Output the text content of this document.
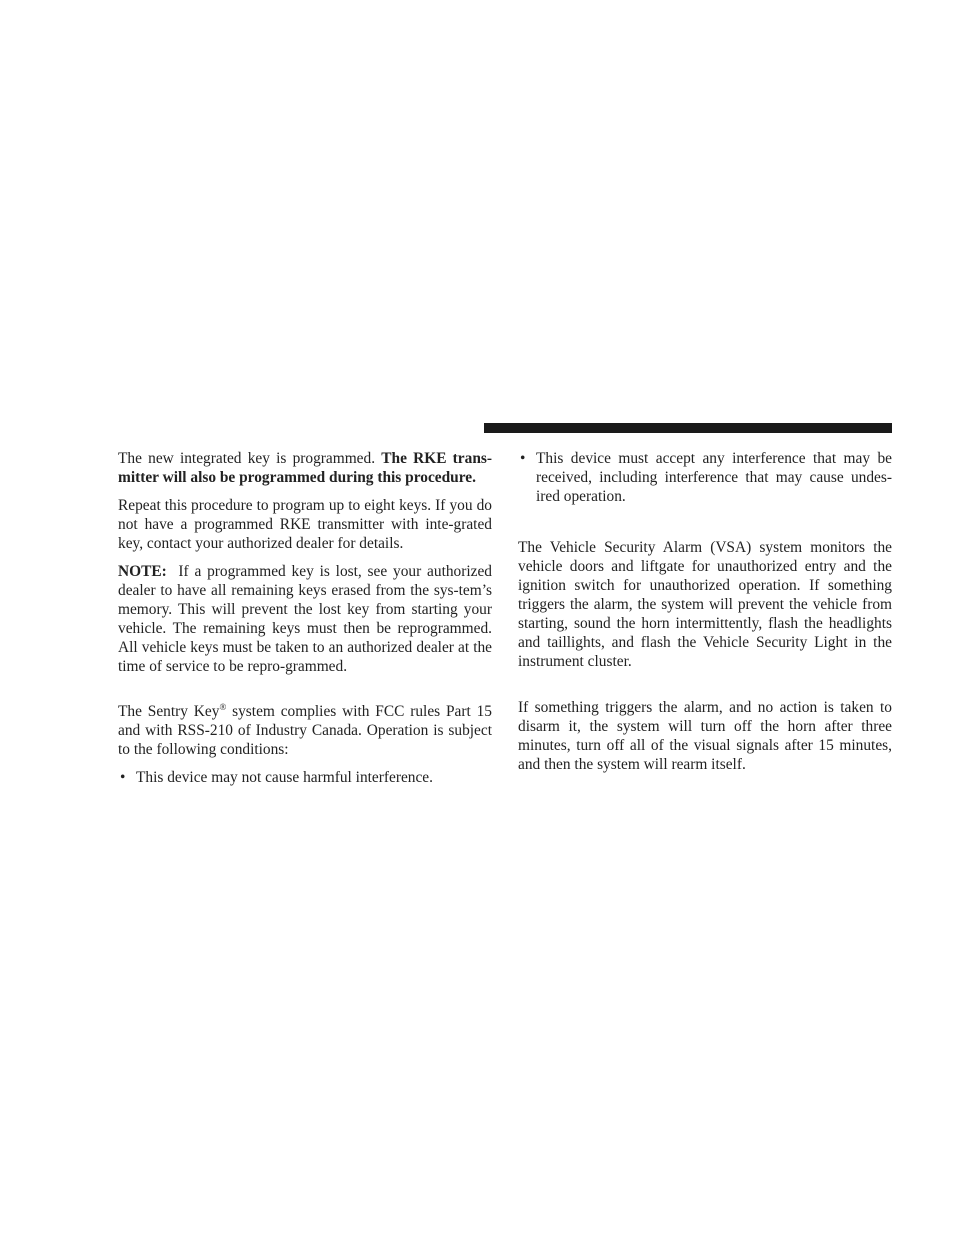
The new integrated key is programmed. The RKE trans-mitter will also be programmed during this procedure.

Repeat this procedure to program up to eight keys. If you do not have a programmed RKE transmitter with inte-grated key, contact your authorized dealer for details.

NOTE: If a programmed key is lost, see your authorized dealer to have all remaining keys erased from the sys-tem’s memory. This will prevent the lost key from starting your vehicle. The remaining keys must then be reprogrammed. All vehicle keys must be taken to an authorized dealer at the time of service to be repro-grammed.

The Sentry Key® system complies with FCC rules Part 15 and with RSS-210 of Industry Canada. Operation is subject to the following conditions:

• This device may not cause harmful interference.

• This device must accept any interference that may be received, including interference that may cause undes-ired operation.

The Vehicle Security Alarm (VSA) system monitors the vehicle doors and liftgate for unauthorized entry and the ignition switch for unauthorized operation. If something triggers the alarm, the system will prevent the vehicle from starting, sound the horn intermittently, flash the headlights and taillights, and flash the Vehicle Security Light in the instrument cluster.

If something triggers the alarm, and no action is taken to disarm it, the system will turn off the horn after three minutes, turn off all of the visual signals after 15 minutes, and then the system will rearm itself.
